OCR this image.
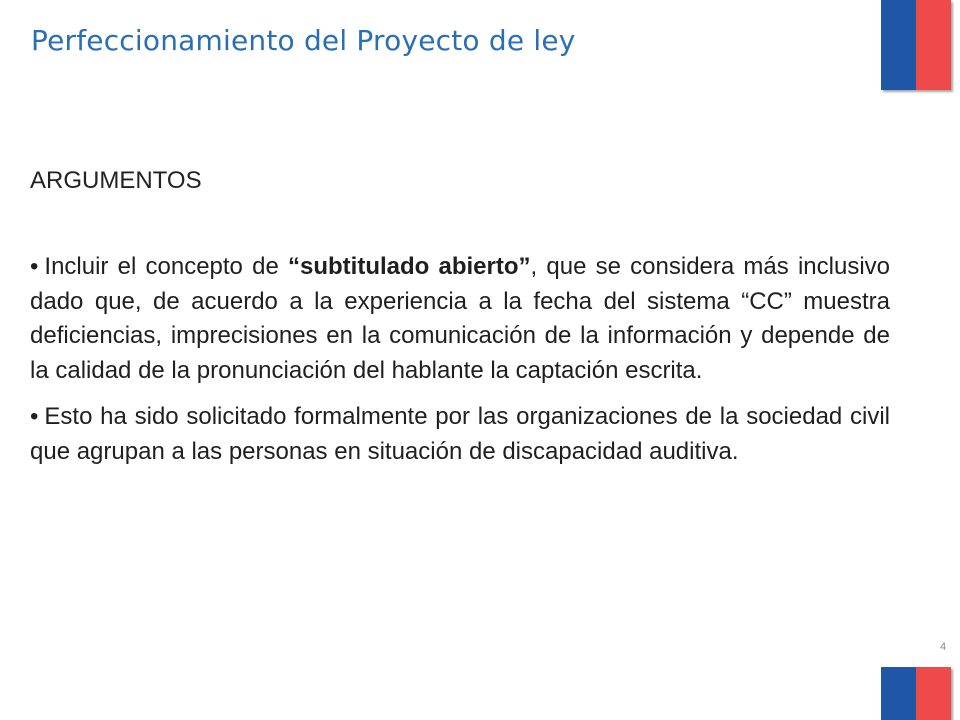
Perfeccionamiento del Proyecto de ley
ARGUMENTOS
• Incluir el concepto de “subtitulado abierto”, que se considera más inclusivo dado que, de acuerdo a la experiencia a la fecha del sistema “CC” muestra deficiencias, imprecisiones en la comunicación de la información y depende de la calidad de la pronunciación del hablante la captación escrita.
• Esto ha sido solicitado formalmente por las organizaciones de la sociedad civil que agrupan a las personas en situación de discapacidad auditiva.
4
